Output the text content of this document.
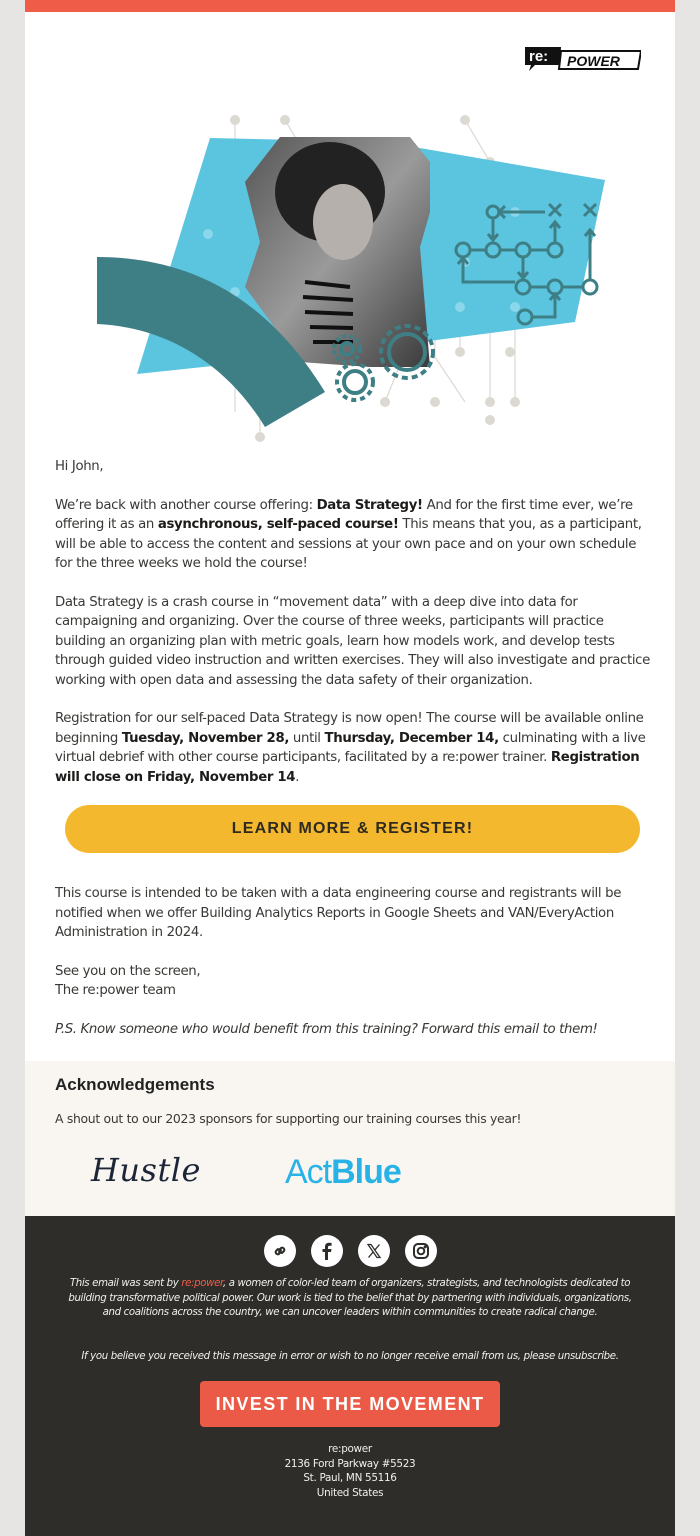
re: POWER

Hi John,

We’re back with another course offering: Data Strategy! And for the first time ever, we’re offering it as an asynchronous, self-paced course! This means that you, as a participant, will be able to access the content and sessions at your own pace and on your own schedule for the three weeks we hold the course!

Data Strategy is a crash course in “movement data” with a deep dive into data for campaigning and organizing. Over the course of three weeks, participants will practice building an organizing plan with metric goals, learn how models work, and develop tests through guided video instruction and written exercises. They will also investigate and practice working with open data and assessing the data safety of their organization.

Registration for our self-paced Data Strategy is now open! The course will be available online beginning Tuesday, November 28, until Thursday, December 14, culminating with a live virtual debrief with other course participants, facilitated by a re:power trainer. Registration will close on Friday, November 14.

LEARN MORE & REGISTER!

This course is intended to be taken with a data engineering course and registrants will be notified when we offer Building Analytics Reports in Google Sheets and VAN/EveryAction Administration in 2024.

See you on the screen,
The re:power team

P.S. Know someone who would benefit from this training? Forward this email to them!

Acknowledgements
A shout out to our 2023 sponsors for supporting our training courses this year!
Hustle ActBlue
This email was sent by re:power, a women of color-led team of organizers, strategists, and technologists dedicated to building transformative political power. Our work is tied to the belief that by partnering with individuals, organizations, and coalitions across the country, we can uncover leaders within communities to create radical change.
If you believe you received this message in error or wish to no longer receive email from us, please unsubscribe.
INVEST IN THE MOVEMENT
re:power
2136 Ford Parkway #5523
St. Paul, MN 55116
United States
